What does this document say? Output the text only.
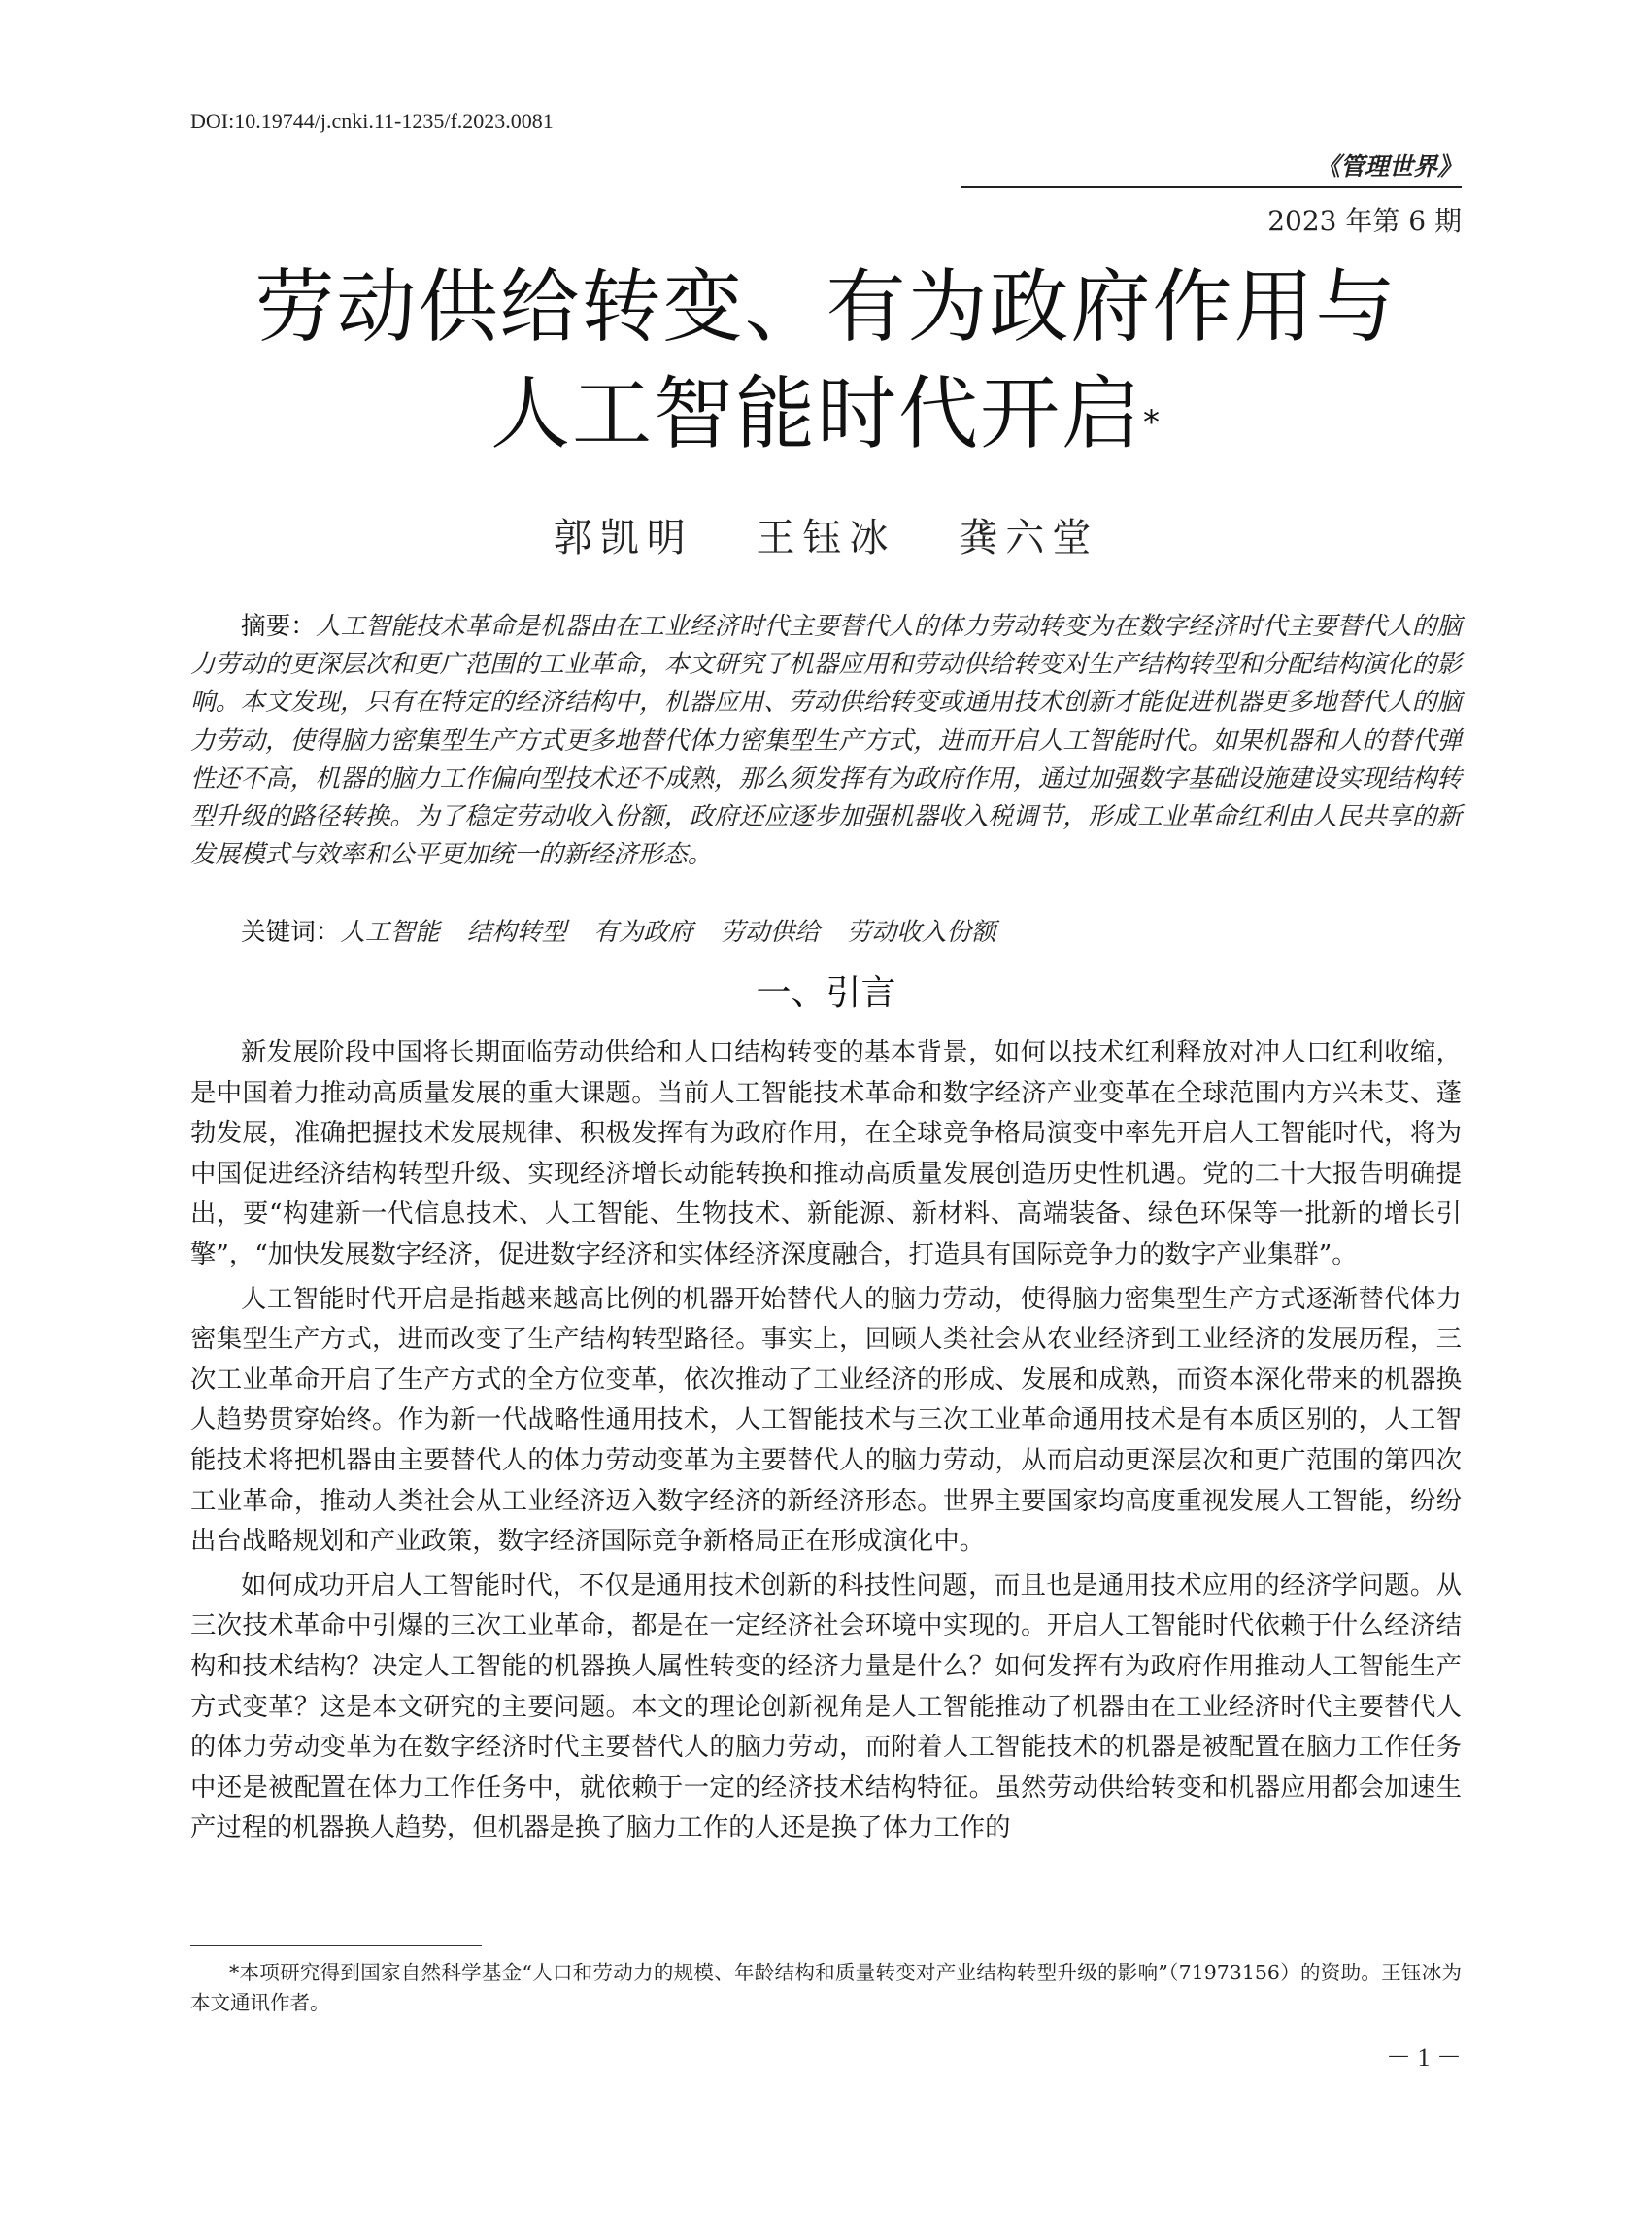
DOI:10.19744/j.cnki.11-1235/f.2023.0081
《管理世界》
2023 年第 6 期
劳动供给转变、有为政府作用与
人工智能时代开启*
郭凯明 王钰冰 龚六堂

摘要：人工智能技术革命是机器由在工业经济时代主要替代人的体力劳动转变为在数字经济时代主要替代人的脑力劳动的更深层次和更广范围的工业革命，本文研究了机器应用和劳动供给转变对生产结构转型和分配结构演化的影响。本文发现，只有在特定的经济结构中，机器应用、劳动供给转变或通用技术创新才能促进机器更多地替代人的脑力劳动，使得脑力密集型生产方式更多地替代体力密集型生产方式，进而开启人工智能时代。如果机器和人的替代弹性还不高，机器的脑力工作偏向型技术还不成熟，那么须发挥有为政府作用，通过加强数字基础设施建设实现结构转型升级的路径转换。为了稳定劳动收入份额，政府还应逐步加强机器收入税调节，形成工业革命红利由人民共享的新发展模式与效率和公平更加统一的新经济形态。

关键词：人工智能 结构转型 有为政府 劳动供给 劳动收入份额
一、引言

新发展阶段中国将长期面临劳动供给和人口结构转变的基本背景，如何以技术红利释放对冲人口红利收缩，是中国着力推动高质量发展的重大课题。当前人工智能技术革命和数字经济产业变革在全球范围内方兴未艾、蓬勃发展，准确把握技术发展规律、积极发挥有为政府作用，在全球竞争格局演变中率先开启人工智能时代，将为中国促进经济结构转型升级、实现经济增长动能转换和推动高质量发展创造历史性机遇。党的二十大报告明确提出，要“构建新一代信息技术、人工智能、生物技术、新能源、新材料、高端装备、绿色环保等一批新的增长引擎”，“加快发展数字经济，促进数字经济和实体经济深度融合，打造具有国际竞争力的数字产业集群”。

人工智能时代开启是指越来越高比例的机器开始替代人的脑力劳动，使得脑力密集型生产方式逐渐替代体力密集型生产方式，进而改变了生产结构转型路径。事实上，回顾人类社会从农业经济到工业经济的发展历程，三次工业革命开启了生产方式的全方位变革，依次推动了工业经济的形成、发展和成熟，而资本深化带来的机器换人趋势贯穿始终。作为新一代战略性通用技术，人工智能技术与三次工业革命通用技术是有本质区别的，人工智能技术将把机器由主要替代人的体力劳动变革为主要替代人的脑力劳动，从而启动更深层次和更广范围的第四次工业革命，推动人类社会从工业经济迈入数字经济的新经济形态。世界主要国家均高度重视发展人工智能，纷纷出台战略规划和产业政策，数字经济国际竞争新格局正在形成演化中。

如何成功开启人工智能时代，不仅是通用技术创新的科技性问题，而且也是通用技术应用的经济学问题。从三次技术革命中引爆的三次工业革命，都是在一定经济社会环境中实现的。开启人工智能时代依赖于什么经济结构和技术结构？决定人工智能的机器换人属性转变的经济力量是什么？如何发挥有为政府作用推动人工智能生产方式变革？这是本文研究的主要问题。本文的理论创新视角是人工智能推动了机器由在工业经济时代主要替代人的体力劳动变革为在数字经济时代主要替代人的脑力劳动，而附着人工智能技术的机器是被配置在脑力工作任务中还是被配置在体力工作任务中，就依赖于一定的经济技术结构特征。虽然劳动供给转变和机器应用都会加速生产过程的机器换人趋势，但机器是换了脑力工作的人还是换了体力工作的

*本项研究得到国家自然科学基金“人口和劳动力的规模、年龄结构和质量转变对产业结构转型升级的影响”（71973156）的资助。王钰冰为本文通讯作者。
－ 1 －
